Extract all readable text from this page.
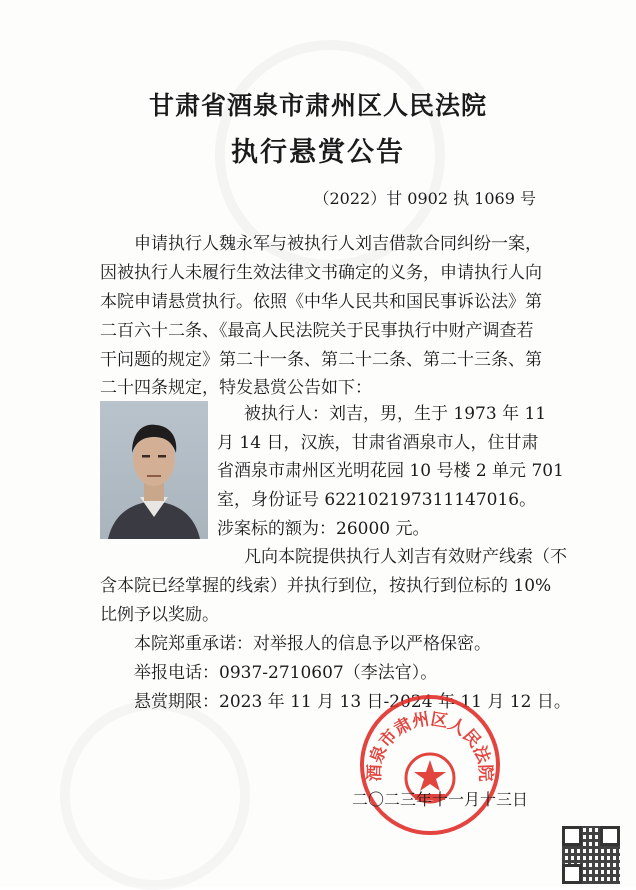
甘肃省酒泉市肃州区人民法院
执行悬赏公告
（2022）甘 0902 执 1069 号
申请执行人魏永军与被执行人刘吉借款合同纠纷一案，
因被执行人未履行生效法律文书确定的义务，申请执行人向
本院申请悬赏执行。依照《中华人民共和国民事诉讼法》第
二百六十二条、《最高人民法院关于民事执行中财产调查若
干问题的规定》第二十一条、第二十二条、第二十三条、第
二十四条规定，特发悬赏公告如下：
被执行人：刘吉，男，生于 1973 年 11
月 14 日，汉族，甘肃省酒泉市人，住甘肃
省酒泉市肃州区光明花园 10 号楼 2 单元 701
室，身份证号 622102197311147016。
涉案标的额为：26000 元。
凡向本院提供执行人刘吉有效财产线索（不
含本院已经掌握的线索）并执行到位，按执行到位标的 10%
比例予以奖励。
本院郑重承诺：对举报人的信息予以严格保密。
举报电话：0937-2710607（李法官）。
悬赏期限：2023 年 11 月 13 日-2024 年 11 月 12 日。
酒泉市肃州区人民法院
二〇二三年十一月十三日
